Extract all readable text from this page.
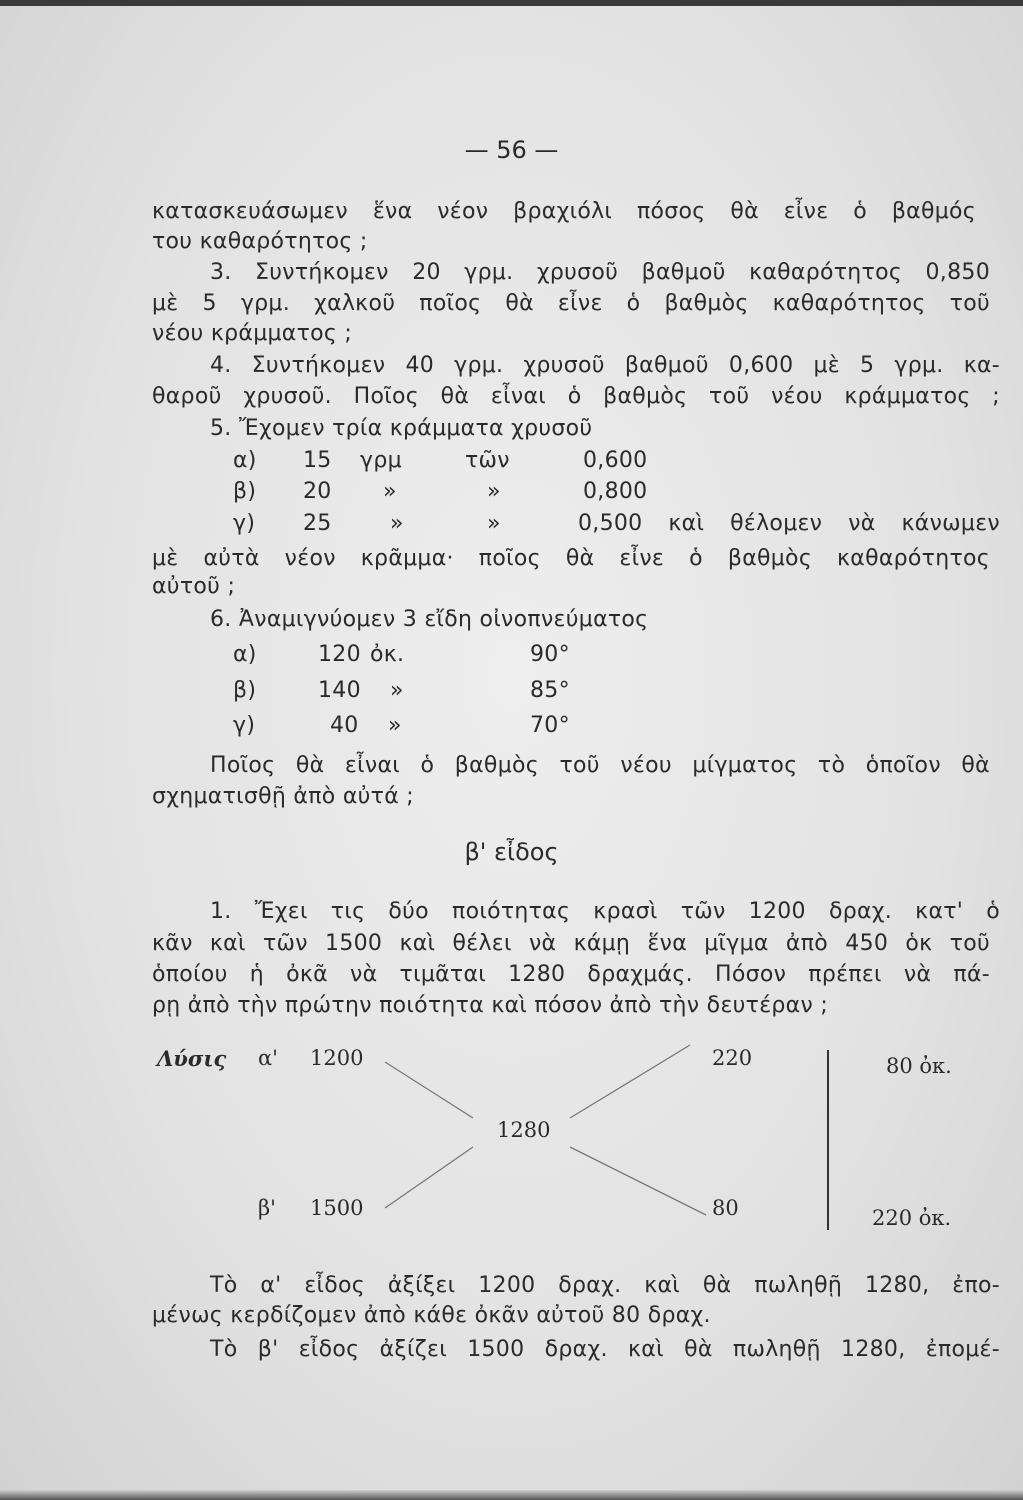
— 56 —
κατασκευάσωμεν ἕνα νέον βραχιόλι πόσος θὰ εἶνε ὁ βαθμός
του καθαρότητος ;
3. Συντήκομεν 20 γρμ. χρυσοῦ βαθμοῦ καθαρότητος 0,850
μὲ 5 γρμ. χαλκοῦ ποῖος θὰ εἶνε ὁ βαθμὸς καθαρότητος τοῦ
νέου κράμματος ;
4. Συντήκομεν 40 γρμ. χρυσοῦ βαθμοῦ 0,600 μὲ 5 γρμ. κα-
θαροῦ χρυσοῦ. Ποῖος θὰ εἶναι ὁ βαθμὸς τοῦ νέου κράμματος ;
5. Ἔχομεν τρία κράμματα χρυσοῦ
α) 15 γρμ	τῶν	0,600
β) 20 »	»	0,800
γ) 25	»	»	0,500 καὶ θέλομεν νὰ κάνωμεν
μὲ αὐτὰ νέον κρᾶμμα· ποῖος θὰ εἶνε ὁ βαθμὸς καθαρότητος
αὐτοῦ ;
6. Ἀναμιγνύομεν 3 εἴδη οἰνοπνεύματος
α)	120 ὀκ.	90°
β)	140 »	85°
γ)	40 »	70°
Ποῖος θὰ εἶναι ὁ βαθμὸς τοῦ νέου μίγματος τὸ ὁποῖον θὰ
σχηματισθῇ ἀπὸ αὐτά ;
β' εἶδος
1. Ἔχει τις δύο ποιότητας κρασὶ τῶν 1200 δραχ. κατ' ὁ
κᾶν καὶ τῶν 1500 καὶ θέλει νὰ κάμῃ ἕνα μῖγμα ἀπὸ 450 ὁκ τοῦ
ὁποίου ἡ ὀκᾶ νὰ τιμᾶται 1280 δραχμάς. Πόσον πρέπει νὰ πά-
ρῃ ἀπὸ τὴν πρώτην ποιότητα καὶ πόσον ἀπὸ τὴν δευτέραν ;
Λύσις α' 1200
1280
β' 1500
220
80
80 ὀκ.
220 ὀκ.
Τὸ α' εἶδος ἀξίξει 1200 δραχ. καὶ θὰ πωληθῇ 1280, ἐπο-
μένως κερδίζομεν ἀπὸ κάθε ὀκᾶν αὐτοῦ 80 δραχ.
Τὸ β' εἶδος ἀξίζει 1500 δραχ. καὶ θὰ πωληθῇ 1280, ἐπομέ-
